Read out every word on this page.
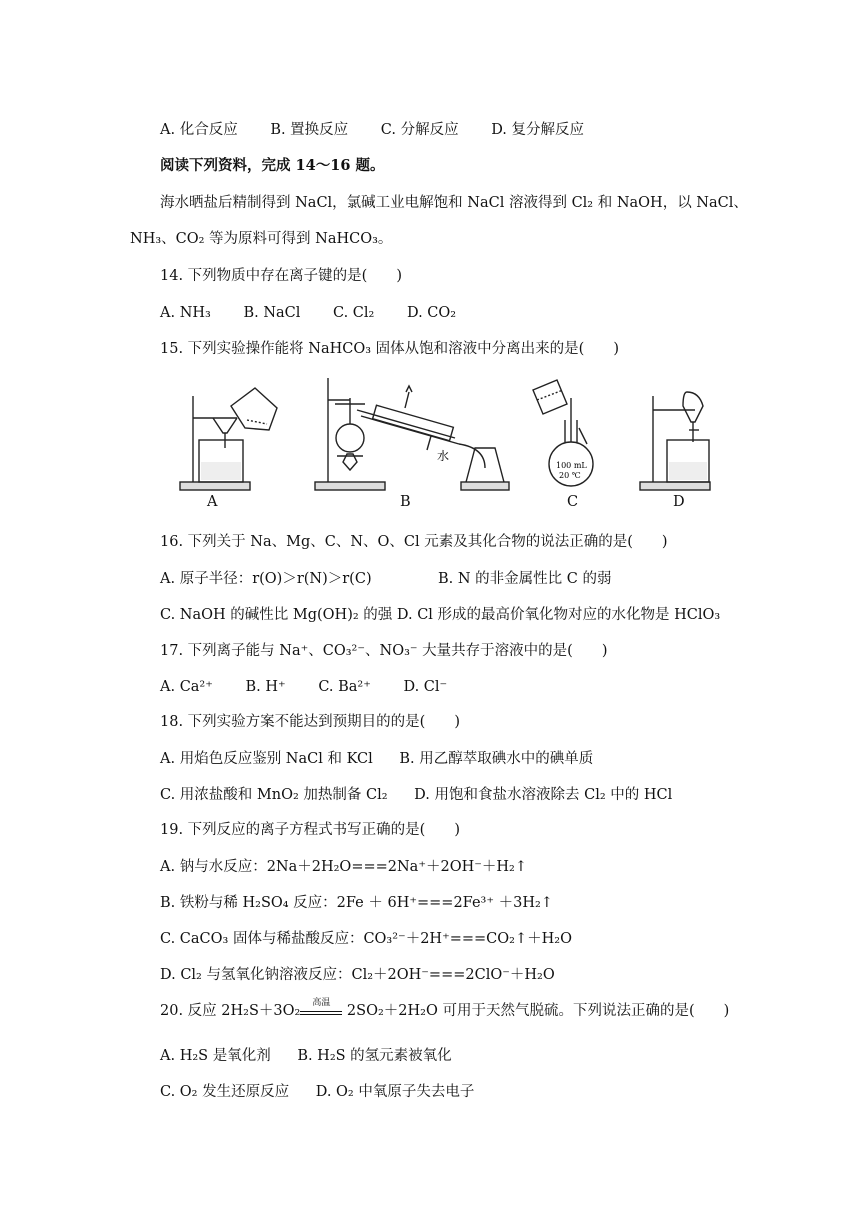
A. 化合反应 B. 置换反应 C. 分解反应 D. 复分解反应
阅读下列资料，完成 14～16 题。
海水晒盐后精制得到 NaCl，氯碱工业电解饱和 NaCl 溶液得到 Cl₂ 和 NaOH，以 NaCl、
NH₃、CO₂ 等为原料可得到 NaHCO₃。
14. 下列物质中存在离子键的是(　　)
A. NH₃ B. NaCl C. Cl₂ D. CO₂
15. 下列实验操作能将 NaHCO₃ 固体从饱和溶液中分离出来的是(　　)
水
100 mL
20 ℃
A	B	C	D
16. 下列关于 Na、Mg、C、N、O、Cl 元素及其化合物的说法正确的是(　　)
A. 原子半径：r(O)＞r(N)＞r(C)	B. N 的非金属性比 C 的弱
C. NaOH 的碱性比 Mg(OH)₂ 的强 D. Cl 形成的最高价氧化物对应的水化物是 HClO₃
17. 下列离子能与 Na⁺、CO₃²⁻、NO₃⁻ 大量共存于溶液中的是(　　)
A. Ca²⁺ B. H⁺ C. Ba²⁺ D. Cl⁻
18. 下列实验方案不能达到预期目的的是(　　)
A. 用焰色反应鉴别 NaCl 和 KCl B. 用乙醇萃取碘水中的碘单质
C. 用浓盐酸和 MnO₂ 加热制备 Cl₂ D. 用饱和食盐水溶液除去 Cl₂ 中的 HCl
19. 下列反应的离子方程式书写正确的是(　　)
A. 钠与水反应：2Na＋2H₂O===2Na⁺＋2OH⁻＋H₂↑
B. 铁粉与稀 H₂SO₄ 反应：2Fe ＋ 6H⁺===2Fe³⁺ ＋3H₂↑
C. CaCO₃ 固体与稀盐酸反应：CO₃²⁻＋2H⁺===CO₂↑＋H₂O
D. Cl₂ 与氢氧化钠溶液反应：Cl₂＋2OH⁻===2ClO⁻＋H₂O
20. 反应 2H₂S＋3O₂	高温 2SO₂＋2H₂O 可用于天然气脱硫。下列说法正确的是(　　)
A. H₂S 是氧化剂 B. H₂S 的氢元素被氧化
C. O₂ 发生还原反应 D. O₂ 中氧原子失去电子
